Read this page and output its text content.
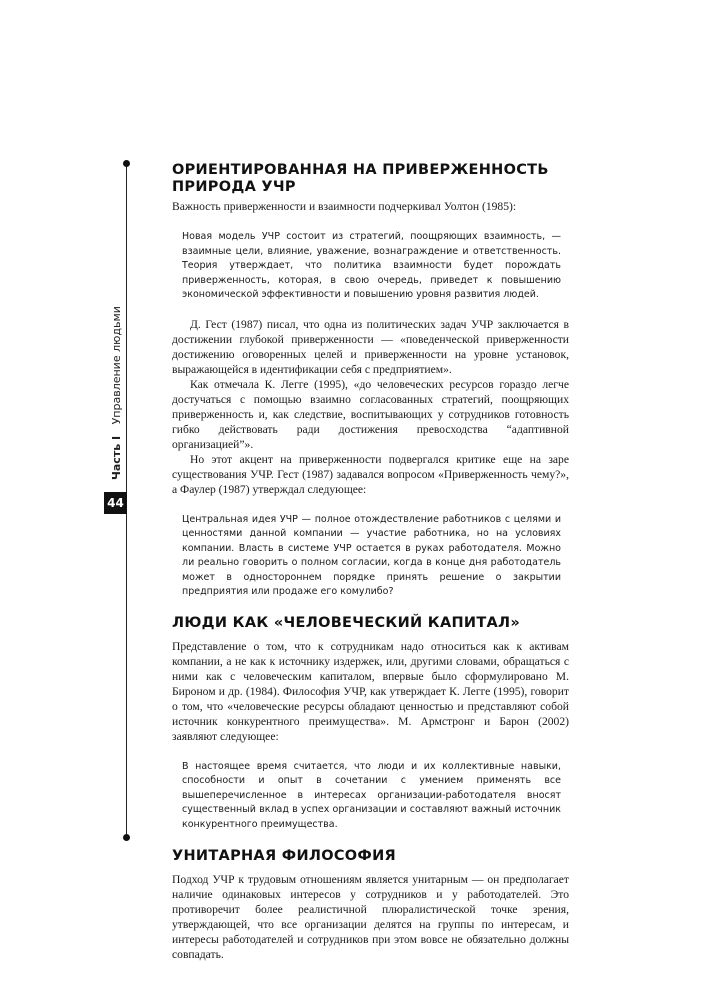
Часть I Управление людьми
44
ОРИЕНТИРОВАННАЯ НА ПРИВЕРЖЕННОСТЬ ПРИРОДА УЧР

Важность приверженности и взаимности подчеркивал Уолтон (1985):

Новая модель УЧР состоит из стратегий, поощряющих взаимность, — взаимные цели, влияние, уважение, вознаграждение и ответственность. Теория утверждает, что политика взаимности будет порождать приверженность, которая, в свою очередь, приведет к повышению экономической эффективности и повышению уровня развития людей.

Д. Гест (1987) писал, что одна из политических задач УЧР заключается в достижении глубокой приверженности — «поведенческой приверженности достижению оговоренных целей и приверженности на уровне установок, выражающейся в идентификации себя с предприятием».

Как отмечала К. Легге (1995), «до человеческих ресурсов гораздо легче достучаться с помощью взаимно согласованных стратегий, поощряющих приверженность и, как следствие, воспитывающих у сотрудников готовность гибко действовать ради достижения превосходства “адаптивной организацией”».

Но этот акцент на приверженности подвергался критике еще на заре существования УЧР. Гест (1987) задавался вопросом «Приверженность чему?», а Фаулер (1987) утверждал следующее:

Центральная идея УЧР — полное отождествление работников с целями и ценностями данной компании — участие работника, но на условиях компании. Власть в системе УЧР остается в руках работодателя. Можно ли реально говорить о полном согласии, когда в конце дня работодатель может в одностороннем порядке принять решение о закрытии предприятия или продаже его комулибо?
ЛЮДИ КАК «ЧЕЛОВЕЧЕСКИЙ КАПИТАЛ»

Представление о том, что к сотрудникам надо относиться как к активам компании, а не как к источнику издержек, или, другими словами, обращаться с ними как с человеческим капиталом, впервые было сформулировано М. Бироном и др. (1984). Философия УЧР, как утверждает К. Легге (1995), говорит о том, что «человеческие ресурсы обладают ценностью и представляют собой источник конкурентного преимущества». М. Армстронг и Барон (2002) заявляют следующее:

В настоящее время считается, что люди и их коллективные навыки, способности и опыт в сочетании с умением применять все вышеперечисленное в интересах организации-работодателя вносят существенный вклад в успех организации и составляют важный источник конкурентного преимущества.
УНИТАРНАЯ ФИЛОСОФИЯ

Подход УЧР к трудовым отношениям является унитарным — он предполагает наличие одинаковых интересов у сотрудников и у работодателей. Это противоречит более реалистичной плюралистической точке зрения, утверждающей, что все организации делятся на группы по интересам, и интересы работодателей и сотрудников при этом вовсе не обязательно должны совпадать.
